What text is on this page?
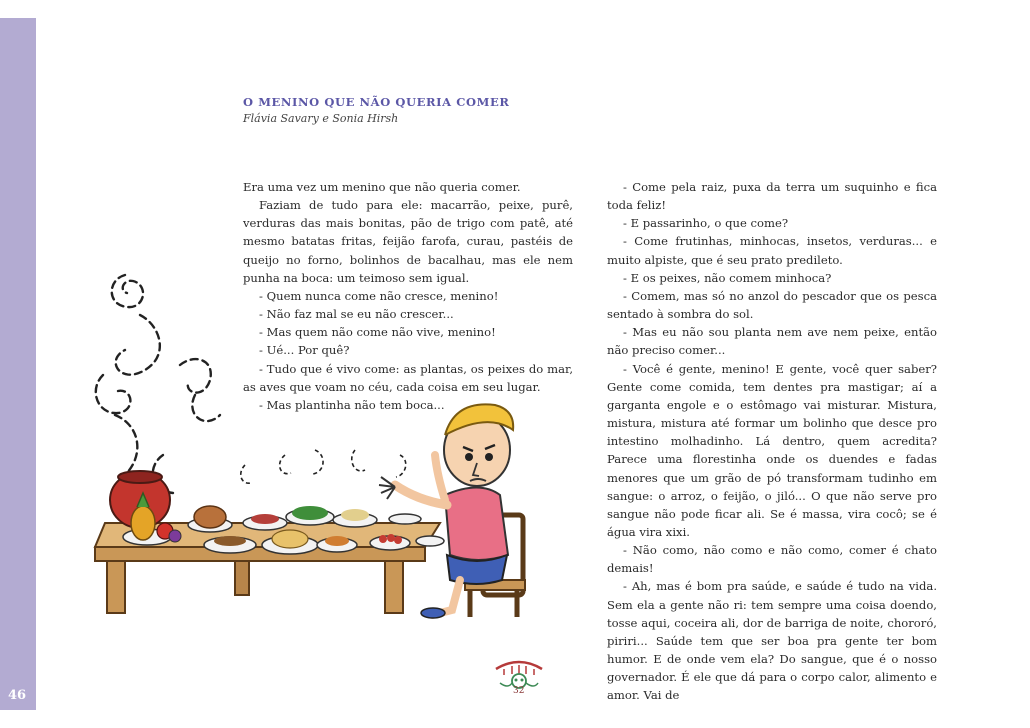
46
O MENINO QUE NÃO QUERIA COMER
Flávia Savary e Sonia Hirsh

Era uma vez um menino que não queria comer.

Faziam de tudo para ele: macarrão, peixe, purê, verduras das mais bonitas, pão de trigo com patê, até mesmo batatas fritas, feijão farofa, curau, pastéis de queijo no forno, bolinhos de bacalhau, mas ele nem punha na boca: um teimoso sem igual.

- Quem nunca come não cresce, menino!

- Não faz mal se eu não crescer...

- Mas quem não come não vive, menino!

- Ué... Por quê?

- Tudo que é vivo come: as plantas, os peixes do mar, as aves que voam no céu, cada coisa em seu lugar.

- Mas plantinha não tem boca...

- Come pela raiz, puxa da terra um suquinho e fica toda feliz!

- E passarinho, o que come?

- Come frutinhas, minhocas, insetos, verduras... e muito alpiste, que é seu prato predileto.

- E os peixes, não comem minhoca?

- Comem, mas só no anzol do pescador que os pesca sentado à sombra do sol.

- Mas eu não sou planta nem ave nem peixe, então não preciso comer...

- Você é gente, menino! E gente, você quer saber? Gente come comida, tem dentes pra mastigar; aí a garganta engole e o estômago vai misturar. Mistura, mistura, mistura até formar um bolinho que desce pro intestino molhadinho. Lá dentro, quem acredita? Parece uma florestinha onde os duendes e fadas menores que um grão de pó transformam tudinho em sangue: o arroz, o feijão, o jiló... O que não serve pro sangue não pode ficar ali. Se é massa, vira cocô; se é água vira xixi.

- Não como, não como e não como, comer é chato demais!

- Ah, mas é bom pra saúde, e saúde é tudo na vida. Sem ela a gente não ri: tem sempre uma coisa doendo, tosse aqui, coceira ali, dor de barriga de noite, chororó, piriri... Saúde tem que ser boa pra gente ter bom humor. E de onde vem ela? Do sangue, que é o nosso governador. É ele que dá para o corpo calor, alimento e amor. Vai de

32
